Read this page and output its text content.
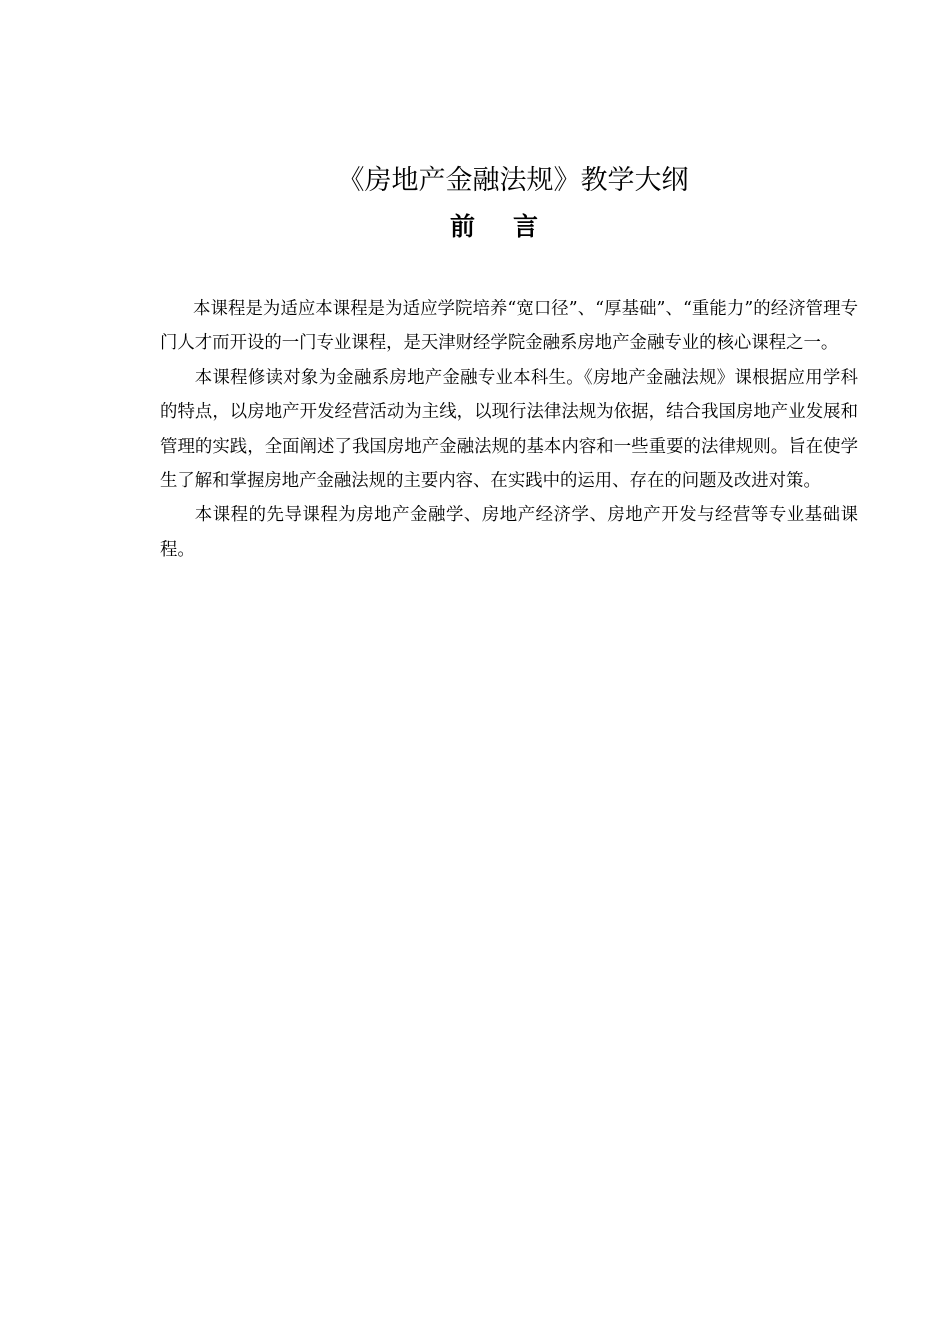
《房地产金融法规》教学大纲
前言

本课程是为适应本课程是为适应学院培养“宽口径”、“厚基础”、“重能力”的经济管理专门人才而开设的一门专业课程，是天津财经学院金融系房地产金融专业的核心课程之一。

本课程修读对象为金融系房地产金融专业本科生。《房地产金融法规》课根据应用学科的特点，以房地产开发经营活动为主线，以现行法律法规为依据，结合我国房地产业发展和管理的实践，全面阐述了我国房地产金融法规的基本内容和一些重要的法律规则。旨在使学生了解和掌握房地产金融法规的主要内容、在实践中的运用、存在的问题及改进对策。

本课程的先导课程为房地产金融学、房地产经济学、房地产开发与经营等专业基础课程。
